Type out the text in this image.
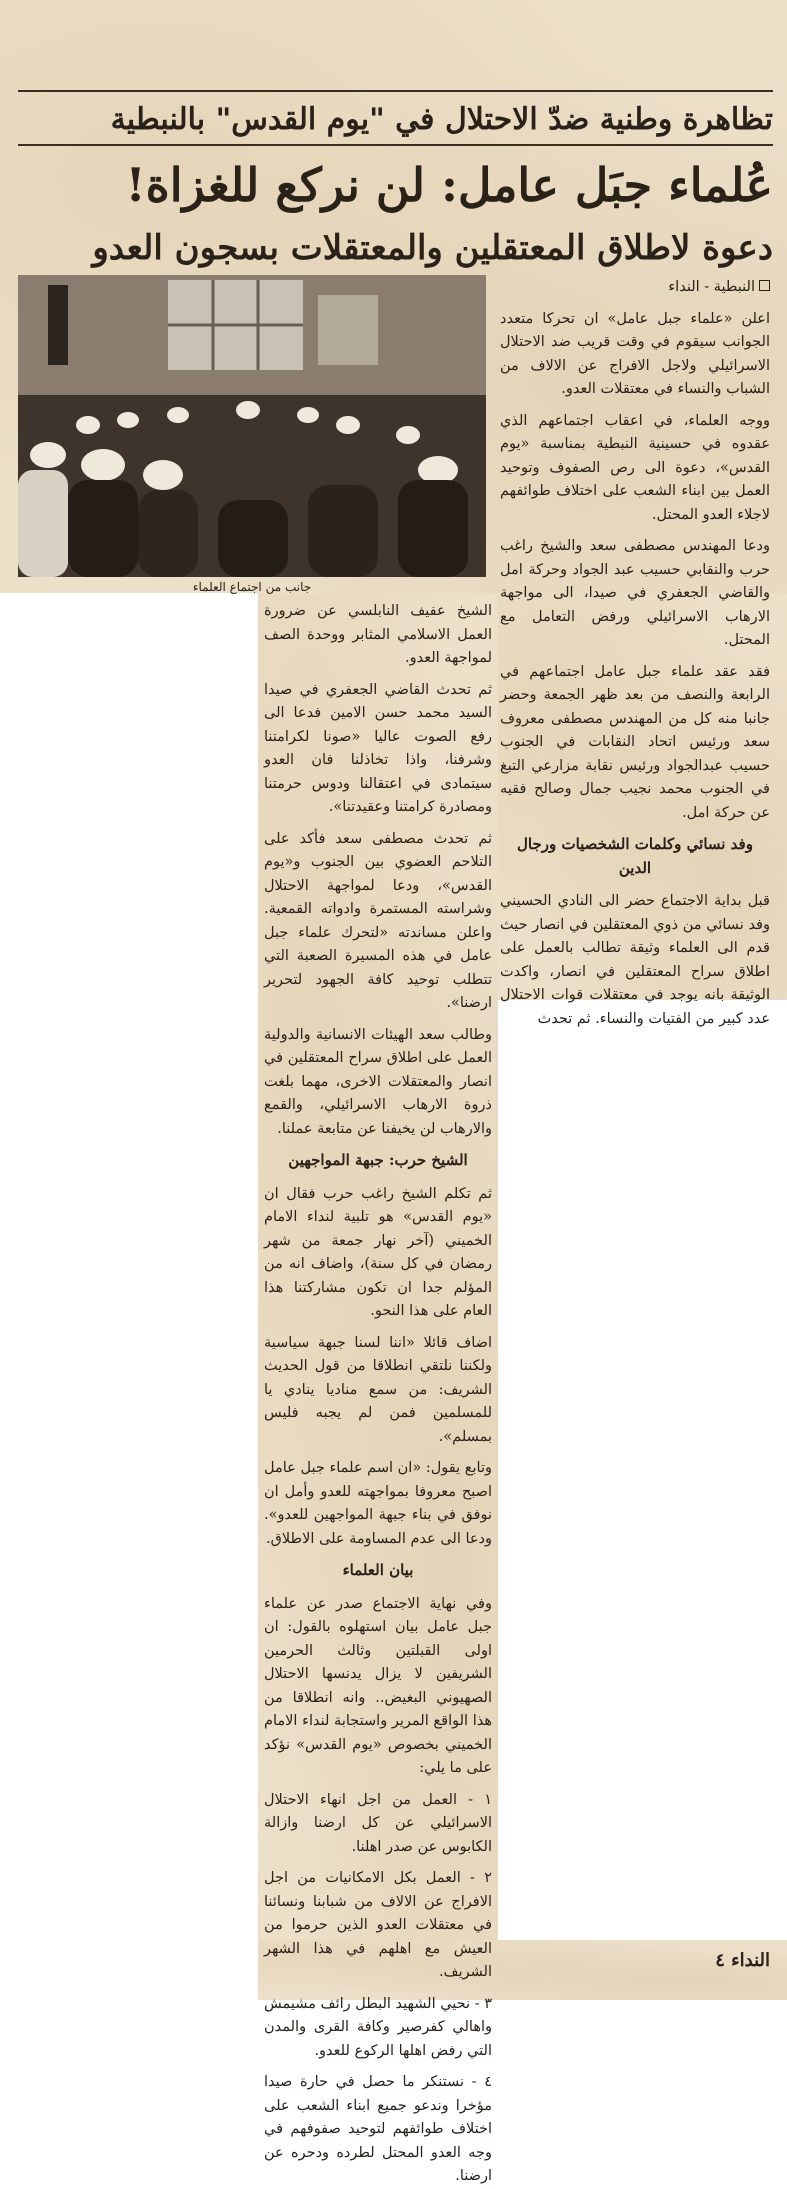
تظاهرة وطنية ضدّ الاحتلال في "يوم القدس" بالنبطية
عُلماء جبَل عامل: لن نركع للغزاة!
دعوة لاطلاق المعتقلين والمعتقلات بسجون العدو
جانب من اجتماع العلماء

النبطية - النداء

اعلن «علماء جبل عامل» ان تحركا متعدد الجوانب سيقوم في وقت قريب ضد الاحتلال الاسرائيلي ولاجل الافراج عن الالاف من الشباب والنساء في معتقلات العدو.

ووجه العلماء، في اعقاب اجتماعهم الذي عقدوه في حسينية النبطية بمناسبة «يوم القدس»، دعوة الى رص الصفوف وتوحيد العمل بين ابناء الشعب على اختلاف طوائفهم لاجلاء العدو المحتل.

ودعا المهندس مصطفى سعد والشيخ راغب حرب والنقابي حسيب عبد الجواد وحركة امل والقاضي الجعفري في صيدا، الى مواجهة الارهاب الاسرائيلي ورفض التعامل مع المحتل.

فقد عقد علماء جبل عامل اجتماعهم في الرابعة والنصف من بعد ظهر الجمعة وحضر جانبا منه كل من المهندس مصطفى معروف سعد ورئيس اتحاد النقابات في الجنوب حسيب عبدالجواد ورئيس نقابة مزارعي التبغ في الجنوب محمد نجيب جمال وصالح فقيه عن حركة امل.

وفد نسائي وكلمات الشخصيات ورجال الدين

قبل بداية الاجتماع حضر الى النادي الحسيني وفد نسائي من ذوي المعتقلين في انصار حيث قدم الى العلماء وثيقة تطالب بالعمل على اطلاق سراح المعتقلين في انصار، واكدت الوثيقة بانه يوجد في معتقلات قوات الاحتلال عدد كبير من الفتيات والنساء. ثم تحدث

الشيخ عفيف النابلسي عن ضرورة العمل الاسلامي المثابر ووحدة الصف لمواجهة العدو.

ثم تحدث القاضي الجعفري في صيدا السيد محمد حسن الامين فدعا الى رفع الصوت عاليا «صونا لكرامتنا وشرفنا، واذا تخاذلنا فان العدو سيتمادى في اعتقالنا ودوس حرمتنا ومصادرة كرامتنا وعقيدتنا».

ثم تحدث مصطفى سعد فأكد على التلاحم العضوي بين الجنوب و«يوم القدس»، ودعا لمواجهة الاحتلال وشراسته المستمرة وادواته القمعية. واعلن مساندته «لتحرك علماء جبل عامل في هذه المسيرة الصعبة التي تتطلب توحيد كافة الجهود لتحرير ارضنا».

وطالب سعد الهيئات الانسانية والدولية العمل على اطلاق سراح المعتقلين في انصار والمعتقلات الاخرى، مهما بلغت ذروة الارهاب الاسرائيلي، والقمع والارهاب لن يخيفنا عن متابعة عملنا.

الشيخ حرب: جبهة المواجهين

ثم تكلم الشيخ راغب حرب فقال ان «يوم القدس» هو تلبية لنداء الامام الخميني (آخر نهار جمعة من شهر رمضان في كل سنة)، واضاف انه من المؤلم جدا ان تكون مشاركتنا هذا العام على هذا النحو.

اضاف قائلا «اننا لسنا جبهة سياسية ولكننا نلتقي انطلاقا من قول الحديث الشريف: من سمع مناديا ينادي يا للمسلمين فمن لم يجبه فليس بمسلم».

وتابع يقول: «ان اسم علماء جبل عامل اصبح معروفا بمواجهته للعدو وأمل ان نوفق في بناء جبهة المواجهين للعدو». ودعا الى عدم المساومة على الاطلاق.

بيان العلماء

وفي نهاية الاجتماع صدر عن علماء جبل عامل بيان استهلوه بالقول: ان اولى القبلتين وثالث الحرمين الشريفين لا يزال يدنسها الاحتلال الصهيوني البغيض.. وانه انطلاقا من هذا الواقع المرير واستجابة لنداء الامام الخميني بخصوص «يوم القدس» نؤكد على ما يلي:

١ - العمل من اجل انهاء الاحتلال الاسرائيلي عن كل ارضنا وازالة الكابوس عن صدر اهلنا.

٢ - العمل بكل الامكانيات من اجل الافراج عن الالاف من شبابنا ونسائنا في معتقلات العدو الذين حرموا من العيش مع اهلهم في هذا الشهر الشريف.

٣ - نحيي الشهيد البطل رائف مشيمش واهالي كفرصير وكافة القرى والمدن التي رفض اهلها الركوع للعدو.

٤ - نستنكر ما حصل في حارة صيدا مؤخرا وندعو جميع ابناء الشعب على اختلاف طوائفهم لتوحيد صفوفهم في وجه العدو المحتل لطرده ودحره عن ارضنا.

النداء ٤
